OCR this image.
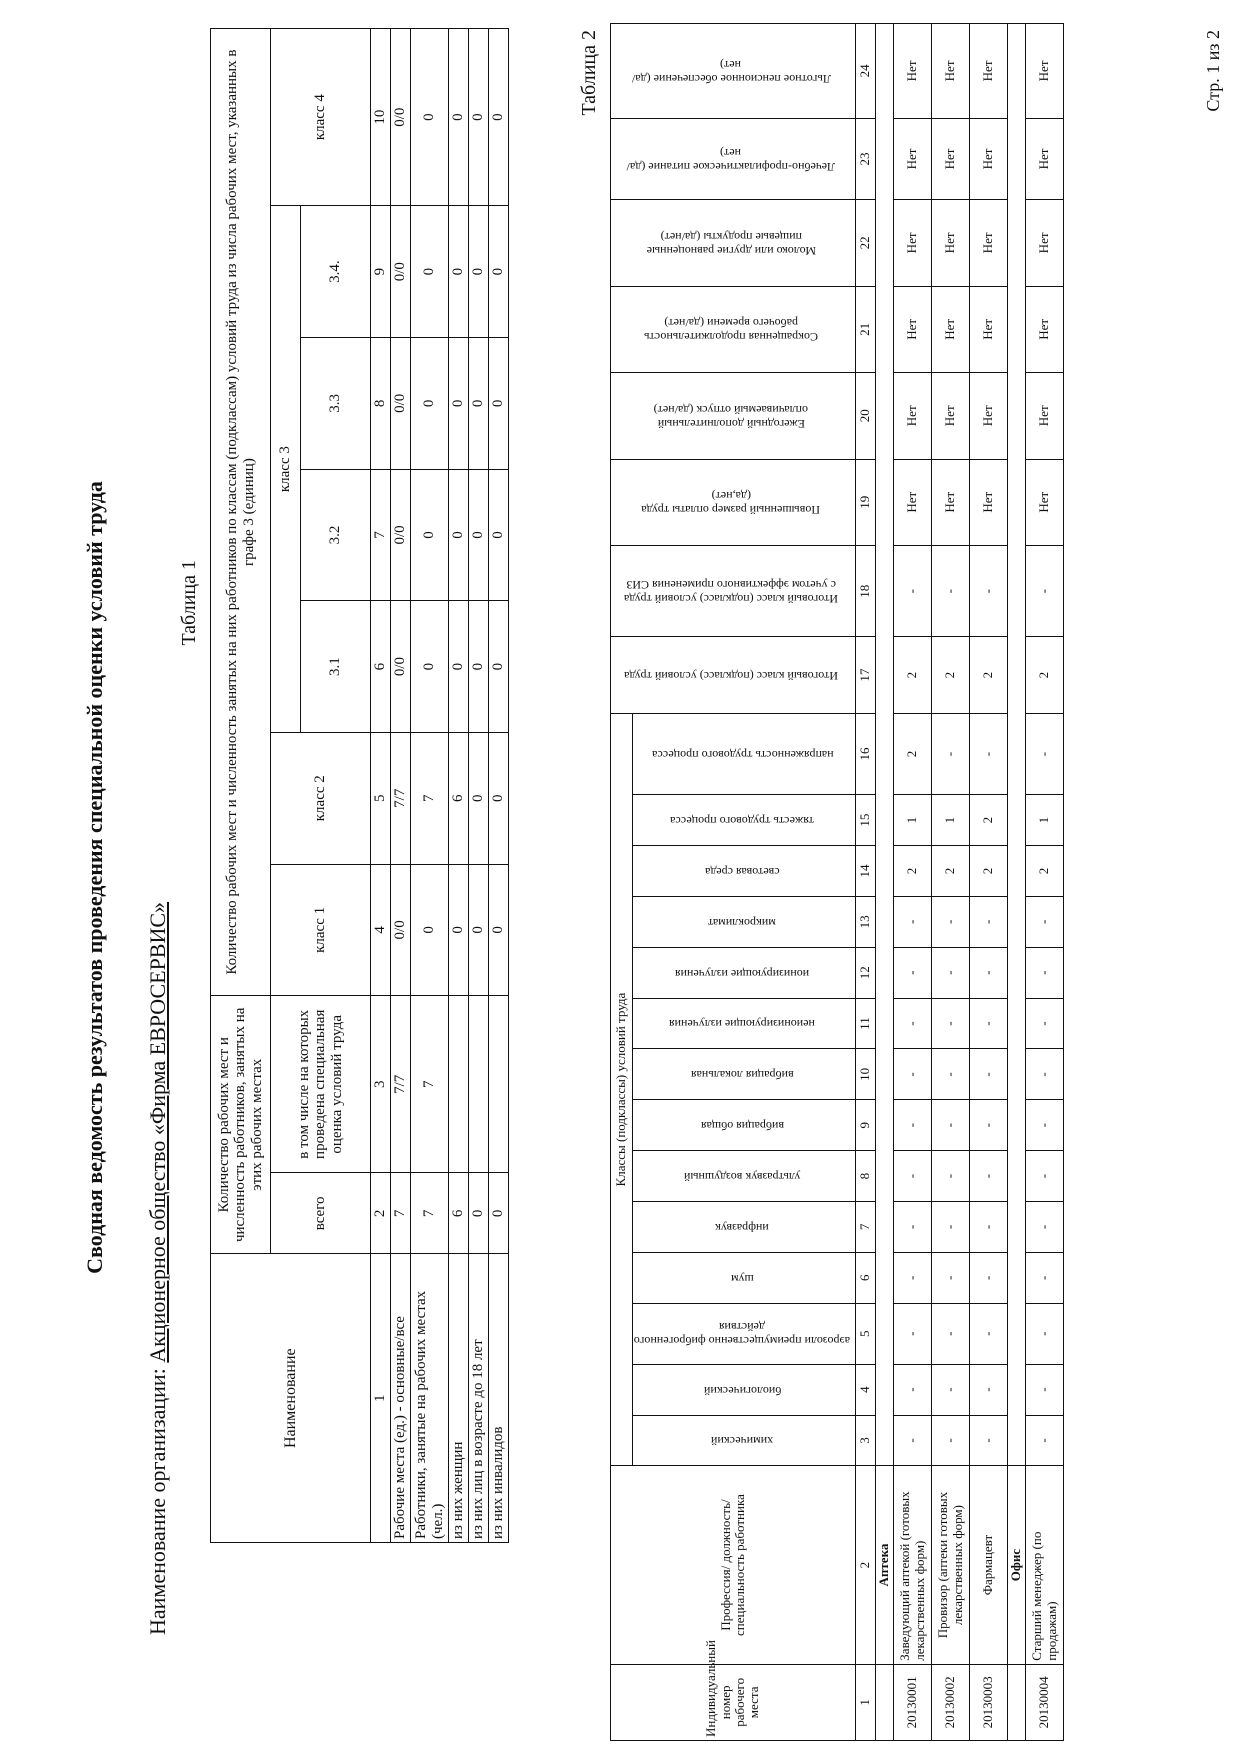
Сводная ведомость результатов проведения специальной оценки условий труда
Наименование организации: Акционерное общество «Фирма ЕВРОСЕРВИС»
Таблица 1
Наименование	Количество рабочих мест и численность работников, занятых на этих рабочих местах		Количество рабочих мест и численность занятых на них работников по классам (подклассам) условий труда из числа рабочих мест, указанных в графе 3 (единиц)						
	всего	в том числе на которых проведена специальная оценка условий труда	класс 1	класс 2	класс 3				класс 4
					3.1	3.2	3.3	3.4.	
1	2	3	4	5	6	7	8	9	10
Рабочие места (ед.) - основные/все	7	7/7	0/0	7/7	0/0	0/0	0/0	0/0	0/0
Работники, занятые на рабочих местах (чел.)	7	7	0	7	0	0	0	0	0
из них женщин	6		0	6	0	0	0	0	0
из них лиц в возрасте до 18 лет	0		0	0	0	0	0	0	0
из них инвалидов	0		0	0	0	0	0	0	0
Таблица 2
Индивидуальный номер рабочего места	Профессия/ должность/ специальность работника	Классы (подклассы) условий труда														Итоговый класс (подкласс) условий труда	Итоговый класс (подкласс) условий труда с учетом эффективного применения СИЗ	Повышенный размер оплаты труда (да,нет)	Ежегодный дополнительный оплачиваемый отпуск (да/нет)	Сокращенная продолжительность рабочего времени (да/нет)	Молоко или другие равноценные пищевые продукты (да/нет)	Лечебно-профилактическое питание (да/нет)	Льготное пенсионное обеспечение (да/нет)
		химический	биологический	аэрозоли преимущественно фиброгенного действия	шум	инфразвук	ультразвук воздушный	вибрация общая	вибрация локальная	неионизирующие излучения	ионизирующие излучения	микроклимат	световая среда	тяжесть трудового процесса	напряженность трудового процесса								
1	2	3	4	5	6	7	8	9	10	11	12	13	14	15	16	17	18	19	20	21	22	23	24
	Аптека																						
20130001	Заведующий аптекой (готовых лекарственных форм)	-	-	-	-	-	-	-	-	-	-	-	2	1	2	2	-	Нет	Нет	Нет	Нет	Нет	Нет
20130002	Провизор (аптеки готовых лекарственных форм)	-	-	-	-	-	-	-	-	-	-	-	2	1	-	2	-	Нет	Нет	Нет	Нет	Нет	Нет
20130003	Фармацевт	-	-	-	-	-	-	-	-	-	-	-	2	2	-	2	-	Нет	Нет	Нет	Нет	Нет	Нет
	Офис																						
20130004	Старший менеджер (по продажам)	-	-	-	-	-	-	-	-	-	-	-	2	1	-	2	-	Нет	Нет	Нет	Нет	Нет	Нет	Стр. 1 из 2
